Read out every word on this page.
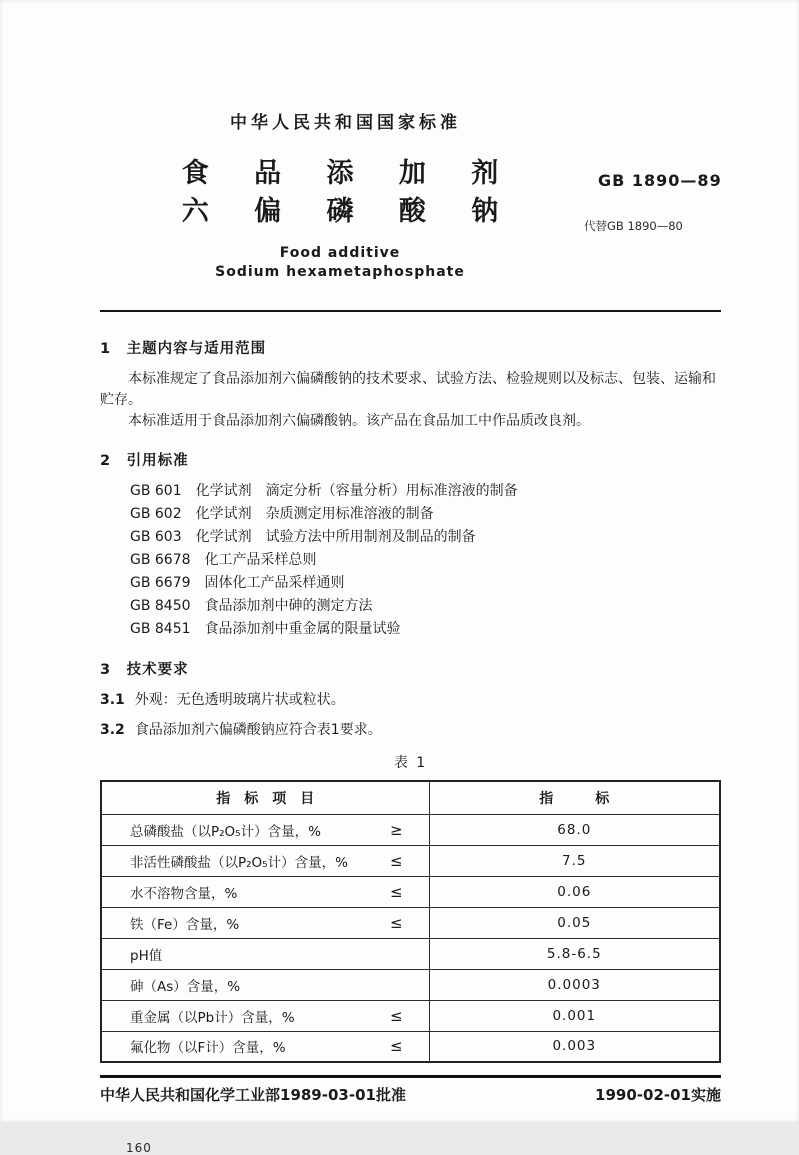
中华人民共和国国家标准
食 品 添 加 剂
六 偏 磷 酸 钠
Food additive
Sodium hexametaphosphate
GB 1890—89
代替GB 1890—80
1　主题内容与适用范围
本标准规定了食品添加剂六偏磷酸钠的技术要求、试验方法、检验规则以及标志、包装、运输和贮存。
本标准适用于食品添加剂六偏磷酸钠。该产品在食品加工中作品质改良剂。
2　引用标准
GB 601　化学试剂　滴定分析（容量分析）用标准溶液的制备
GB 602　化学试剂　杂质测定用标准溶液的制备
GB 603　化学试剂　试验方法中所用制剂及制品的制备
GB 6678　化工产品采样总则
GB 6679　固体化工产品采样通则
GB 8450　食品添加剂中砷的测定方法
GB 8451　食品添加剂中重金属的限量试验
3　技术要求
3.1 外观：无色透明玻璃片状或粒状。
3.2 食品添加剂六偏磷酸钠应符合表1要求。
表 1
指　标　项　目	指　　　标

总磷酸盐（以P₂O₅计）含量，% ≥	68.0

非活性磷酸盐（以P₂O₅计）含量，% ≤	7.5

水不溶物含量，% ≤	0.06

铁（Fe）含量，% ≤	0.05

pH值	5.8-6.5

砷（As）含量，%	0.0003

重金属（以Pb计）含量，% ≤	0.001

氟化物（以F计）含量，% ≤	0.003
中华人民共和国化学工业部1989-03-01批准	1990-02-01实施
160
